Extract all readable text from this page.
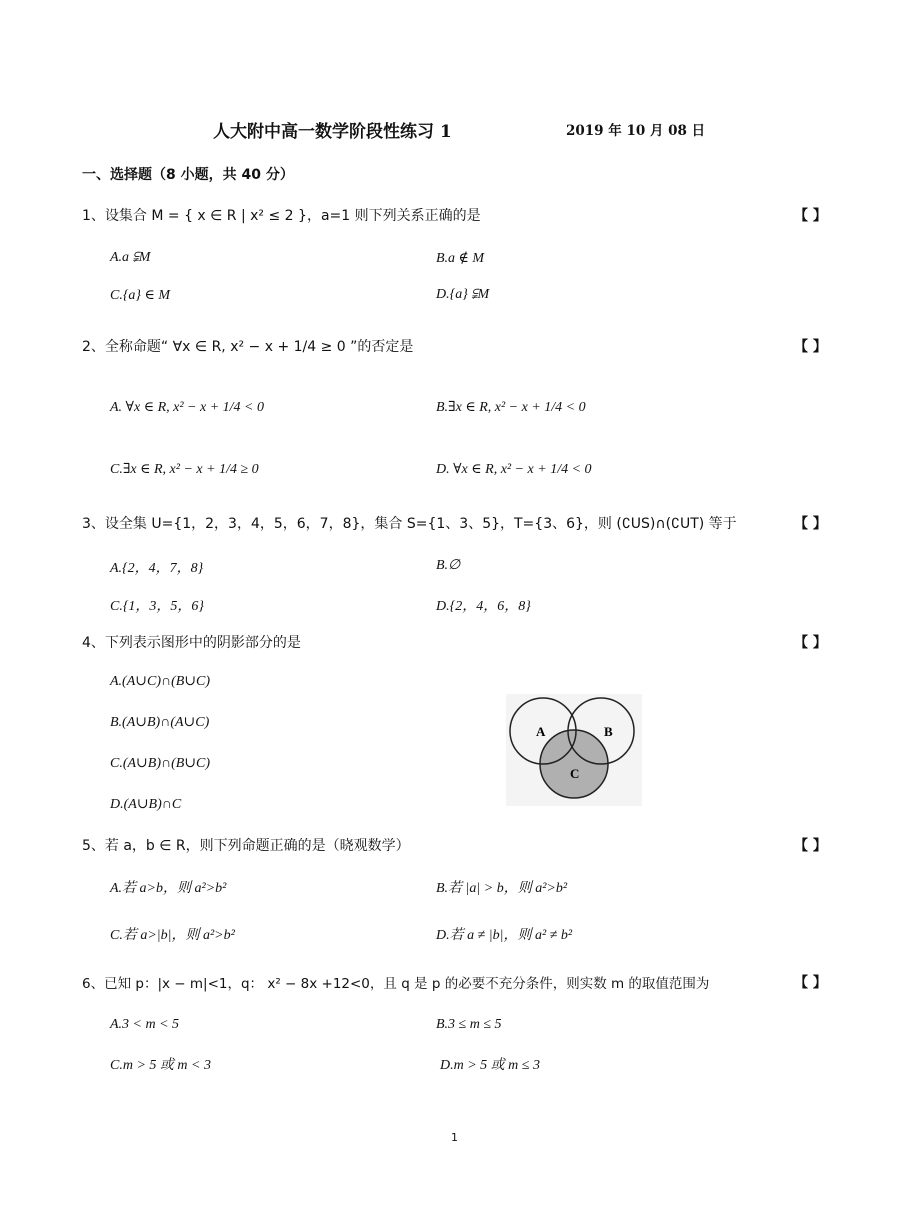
人大附中高一数学阶段性练习 1	2019 年 10 月 08 日
一、选择题（8 小题，共 40 分）
1、设集合 M = { x ∈ R | x² ≤ 2 }，a=1 则下列关系正确的是	【 】
A.a ⫋M	B.a ∉ M
C.{a} ∈ M	D.{a} ⫋M
2、全称命题“ ∀x ∈ R, x² − x + 1/4 ≥ 0 ”的否定是	【 】
A. ∀x ∈ R, x² − x + 1/4 < 0	B.∃x ∈ R, x² − x + 1/4 < 0
C.∃x ∈ R, x² − x + 1/4 ≥ 0	D. ∀x ∈ R, x² − x + 1/4 < 0
3、设全集 U={1，2，3，4，5，6，7，8}，集合 S={1、3、5}，T={3、6}，则 (∁US)∩(∁UT) 等于	【 】
A.{2，4，7，8}	B.∅
C.{1，3，5，6}	D.{2，4，6，8}
4、下列表示图形中的阴影部分的是	【 】
A.(A∪C)∩(B∪C)
B.(A∪B)∩(A∪C)
C.(A∪B)∩(B∪C)
D.(A∪B)∩C
A	B
C
5、若 a，b ∈ R，则下列命题正确的是（晓观数学）	【 】
A.若 a>b，则 a²>b²	B.若 |a| > b，则 a²>b²
C.若 a>|b|，则 a²>b²	D.若 a ≠ |b|，则 a² ≠ b²
6、已知 p：|x − m|<1，q： x² − 8x +12<0，且 q 是 p 的必要不充分条件，则实数 m 的取值范围为	【 】
A.3 < m < 5	B.3 ≤ m ≤ 5
C.m > 5 或 m < 3	D.m > 5 或 m ≤ 3
1
